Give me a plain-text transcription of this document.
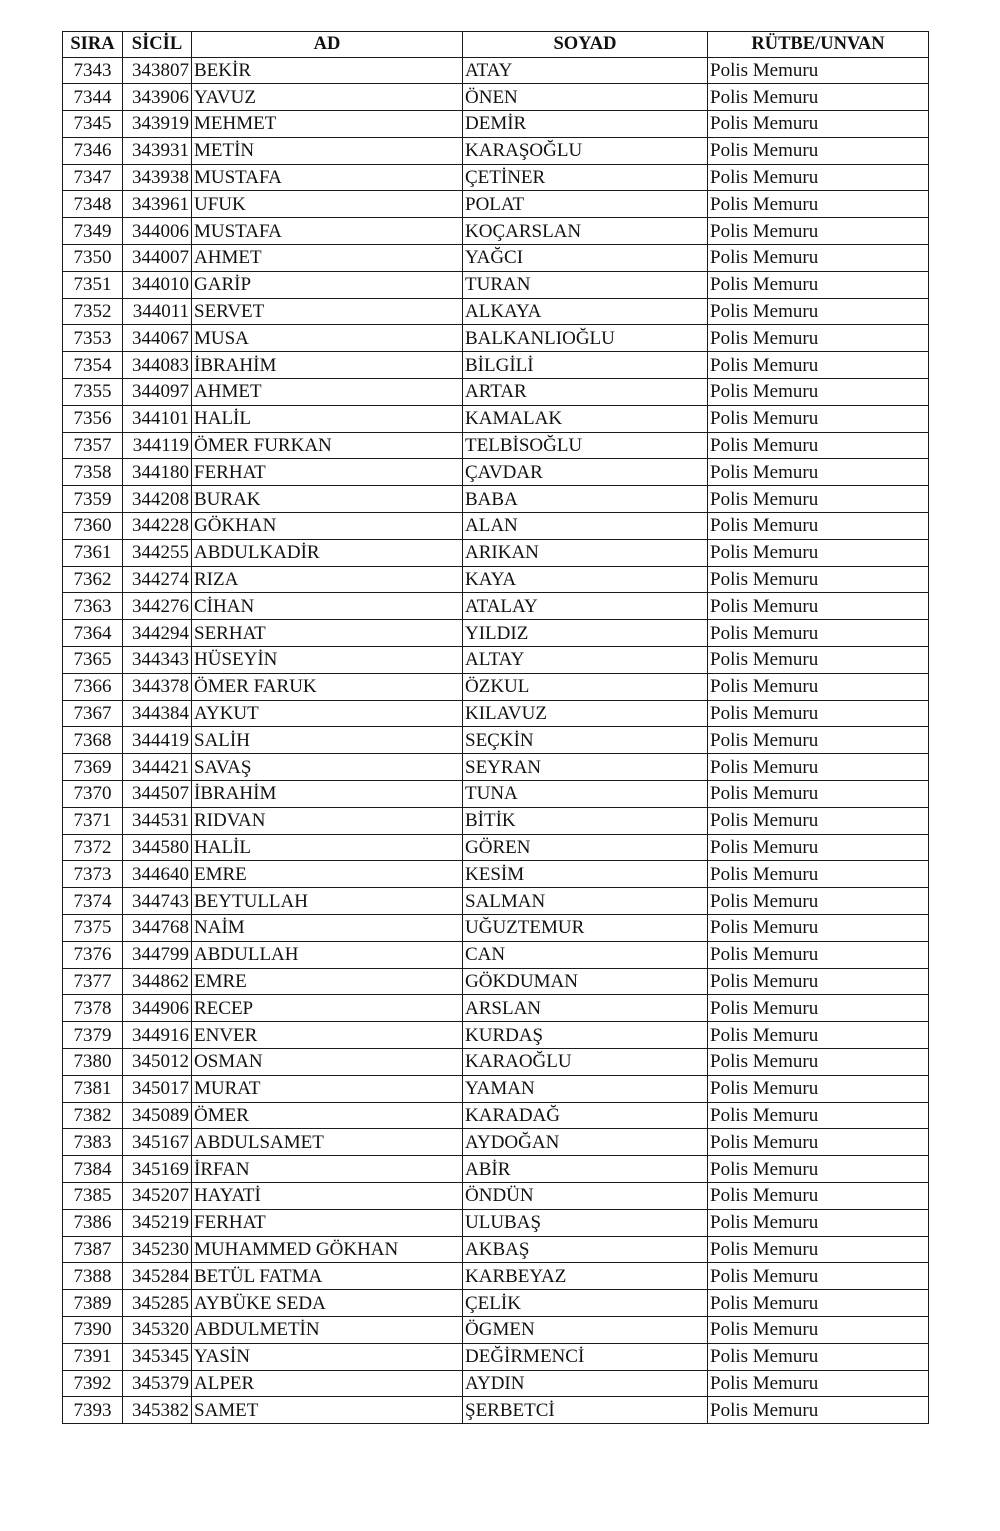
SIRA	SİCİL	AD	SOYAD	RÜTBE/UNVAN
7343	343807	BEKİR	ATAY	Polis Memuru
7344	343906	YAVUZ	ÖNEN	Polis Memuru
7345	343919	MEHMET	DEMİR	Polis Memuru
7346	343931	METİN	KARAŞOĞLU	Polis Memuru
7347	343938	MUSTAFA	ÇETİNER	Polis Memuru
7348	343961	UFUK	POLAT	Polis Memuru
7349	344006	MUSTAFA	KOÇARSLAN	Polis Memuru
7350	344007	AHMET	YAĞCI	Polis Memuru
7351	344010	GARİP	TURAN	Polis Memuru
7352	344011	SERVET	ALKAYA	Polis Memuru
7353	344067	MUSA	BALKANLIOĞLU	Polis Memuru
7354	344083	İBRAHİM	BİLGİLİ	Polis Memuru
7355	344097	AHMET	ARTAR	Polis Memuru
7356	344101	HALİL	KAMALAK	Polis Memuru
7357	344119	ÖMER FURKAN	TELBİSOĞLU	Polis Memuru
7358	344180	FERHAT	ÇAVDAR	Polis Memuru
7359	344208	BURAK	BABA	Polis Memuru
7360	344228	GÖKHAN	ALAN	Polis Memuru
7361	344255	ABDULKADİR	ARIKAN	Polis Memuru
7362	344274	RIZA	KAYA	Polis Memuru
7363	344276	CİHAN	ATALAY	Polis Memuru
7364	344294	SERHAT	YILDIZ	Polis Memuru
7365	344343	HÜSEYİN	ALTAY	Polis Memuru
7366	344378	ÖMER FARUK	ÖZKUL	Polis Memuru
7367	344384	AYKUT	KILAVUZ	Polis Memuru
7368	344419	SALİH	SEÇKİN	Polis Memuru
7369	344421	SAVAŞ	SEYRAN	Polis Memuru
7370	344507	İBRAHİM	TUNA	Polis Memuru
7371	344531	RIDVAN	BİTİK	Polis Memuru
7372	344580	HALİL	GÖREN	Polis Memuru
7373	344640	EMRE	KESİM	Polis Memuru
7374	344743	BEYTULLAH	SALMAN	Polis Memuru
7375	344768	NAİM	UĞUZTEMUR	Polis Memuru
7376	344799	ABDULLAH	CAN	Polis Memuru
7377	344862	EMRE	GÖKDUMAN	Polis Memuru
7378	344906	RECEP	ARSLAN	Polis Memuru
7379	344916	ENVER	KURDAŞ	Polis Memuru
7380	345012	OSMAN	KARAOĞLU	Polis Memuru
7381	345017	MURAT	YAMAN	Polis Memuru
7382	345089	ÖMER	KARADAĞ	Polis Memuru
7383	345167	ABDULSAMET	AYDOĞAN	Polis Memuru
7384	345169	İRFAN	ABİR	Polis Memuru
7385	345207	HAYATİ	ÖNDÜN	Polis Memuru
7386	345219	FERHAT	ULUBAŞ	Polis Memuru
7387	345230	MUHAMMED GÖKHAN	AKBAŞ	Polis Memuru
7388	345284	BETÜL FATMA	KARBEYAZ	Polis Memuru
7389	345285	AYBÜKE SEDA	ÇELİK	Polis Memuru
7390	345320	ABDULMETİN	ÖGMEN	Polis Memuru
7391	345345	YASİN	DEĞİRMENCİ	Polis Memuru
7392	345379	ALPER	AYDIN	Polis Memuru
7393	345382	SAMET	ŞERBETCİ	Polis Memuru
